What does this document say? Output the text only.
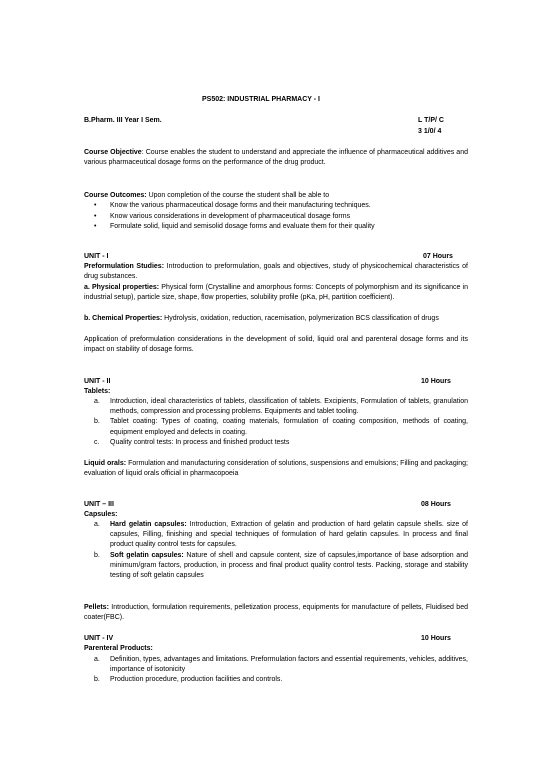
PS502: INDUSTRIAL PHARMACY - I
B.Pharm. III Year I Sem.	L T/P/ C
3 1/0/ 4
Course Objective: Course enables the student to understand and appreciate the influence of pharmaceutical additives and various pharmaceutical dosage forms on the performance of the drug product.
Course Outcomes: Upon completion of the course the student shall be able to
• Know the various pharmaceutical dosage forms and their manufacturing techniques.
• Know various considerations in development of pharmaceutical dosage forms
• Formulate solid, liquid and semisolid dosage forms and evaluate them for their quality
UNIT - I	07 Hours
Preformulation Studies: Introduction to preformulation, goals and objectives, study of physicochemical characteristics of drug substances.
a. Physical properties: Physical form (Crystalline and amorphous forms: Concepts of polymorphism and its significance in industrial setup), particle size, shape, flow properties, solubility profile (pKa, pH, partition coefficient).
b. Chemical Properties: Hydrolysis, oxidation, reduction, racemisation, polymerization BCS classification of drugs
Application of preformulation considerations in the development of solid, liquid oral and parenteral dosage forms and its impact on stability of dosage forms.
UNIT - II	10 Hours
Tablets:
a. Introduction, ideal characteristics of tablets, classification of tablets. Excipients, Formulation of tablets, granulation methods, compression and processing problems. Equipments and tablet tooling.
b. Tablet coating: Types of coating, coating materials, formulation of coating composition, methods of coating, equipment employed and defects in coating.
c. Quality control tests: In process and finished product tests
Liquid orals: Formulation and manufacturing consideration of solutions, suspensions and emulsions; Filling and packaging; evaluation of liquid orals official in pharmacopoeia
UNIT – III	08 Hours
Capsules:
a. Hard gelatin capsules: Introduction, Extraction of gelatin and production of hard gelatin capsule shells. size of capsules, Filling, finishing and special techniques of formulation of hard gelatin capsules. In process and final product quality control tests for capsules.
b. Soft gelatin capsules: Nature of shell and capsule content, size of capsules,importance of base adsorption and minimum/gram factors, production, in process and final product quality control tests. Packing, storage and stability testing of soft gelatin capsules
Pellets: Introduction, formulation requirements, pelletization process, equipments for manufacture of pellets, Fluidised bed coater(FBC).
UNIT - IV	10 Hours
Parenteral Products:
a. Definition, types, advantages and limitations. Preformulation factors and essential requirements, vehicles, additives, importance of isotonicity
b. Production procedure, production facilities and controls.
